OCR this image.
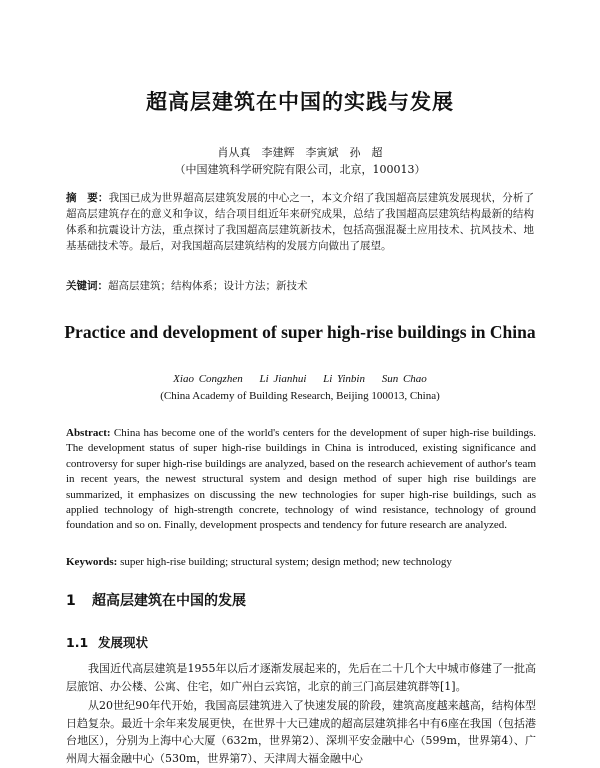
超高层建筑在中国的实践与发展
肖从真　李建辉　李寅斌　孙　超
（中国建筑科学研究院有限公司，北京，100013）
摘　要：我国已成为世界超高层建筑发展的中心之一，本文介绍了我国超高层建筑发展现状，分析了超高层建筑存在的意义和争议，结合项目组近年来研究成果，总结了我国超高层建筑结构最新的结构体系和抗震设计方法，重点探讨了我国超高层建筑新技术，包括高强混凝土应用技术、抗风技术、地基基础技术等。最后，对我国超高层建筑结构的发展方向做出了展望。
关键词：超高层建筑；结构体系；设计方法；新技术
Practice and development of super high-rise buildings in China
Xiao Congzhen Li Jianhui Li Yinbin Sun Chao
(China Academy of Building Research, Beijing 100013, China)
Abstract: China has become one of the world's centers for the development of super high-rise buildings. The development status of super high-rise buildings in China is introduced, existing significance and controversy for super high-rise buildings are analyzed, based on the research achievement of author's team in recent years, the newest structural system and design method of super high rise buildings are summarized, it emphasizes on discussing the new technologies for super high-rise buildings, such as applied technology of high-strength concrete, technology of wind resistance, technology of ground foundation and so on. Finally, development prospects and tendency for future research are analyzed.
Keywords: super high-rise building; structural system; design method; new technology
1 超高层建筑在中国的发展
1.1 发展现状
我国近代高层建筑是1955年以后才逐渐发展起来的，先后在二十几个大中城市修建了一批高层旅馆、办公楼、公寓、住宅，如广州白云宾馆，北京的前三门高层建筑群等[1]。
从20世纪90年代开始，我国高层建筑进入了快速发展的阶段，建筑高度越来越高，结构体型日趋复杂。最近十余年来发展更快，在世界十大已建成的超高层建筑排名中有6座在我国（包括港台地区），分别为上海中心大厦（632m，世界第2）、深圳平安金融中心（599m，世界第4）、广州周大福金融中心（530m，世界第7）、天津周大福金融中心
